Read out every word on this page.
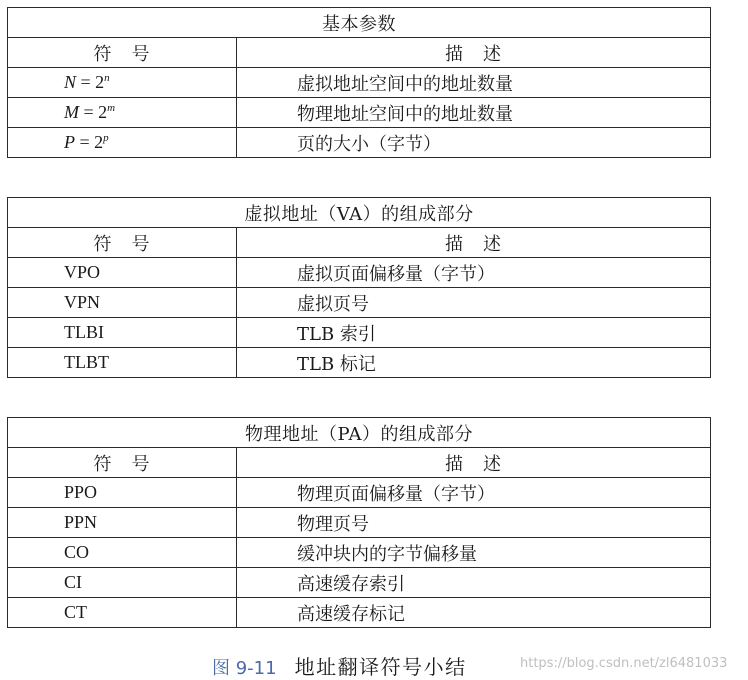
基本参数	
符　号	描　述
$N = 2^n$	虚拟地址空间中的地址数量
$M = 2^m$	物理地址空间中的地址数量
$P = 2^p$	页的大小（字节）
虚拟地址（VA）的组成部分	
符　号	描　述
VPO	虚拟页面偏移量（字节）
VPN	虚拟页号
TLBI	TLB 索引
TLBT	TLB 标记
物理地址（PA）的组成部分	
符　号	描　述
PPO	物理页面偏移量（字节）
PPN	物理页号
CO	缓冲块内的字节偏移量
CI	高速缓存索引
CT	高速缓存标记
图 9-11 地址翻译符号小结	https://blog.csdn.net/zl6481033
